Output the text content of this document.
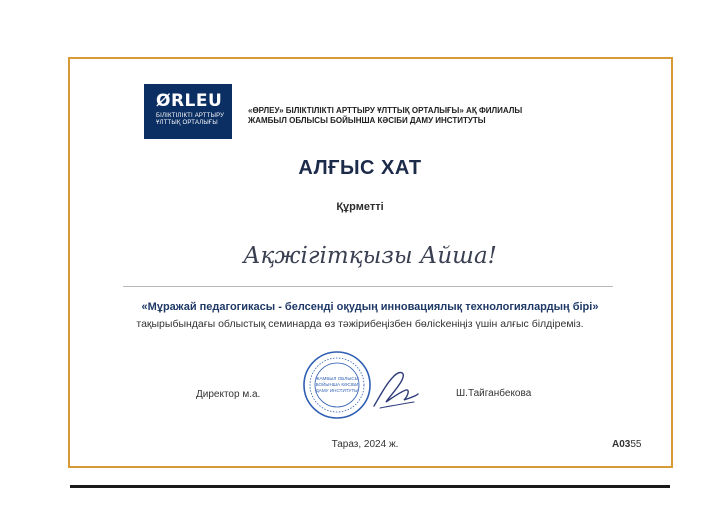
ØRLEU
БІЛІКТІЛІКТІ АРТТЫРУ
ҰЛТТЫҚ ОРТАЛЫҒЫ
«ӨРЛЕУ» БІЛІКТІЛІКТІ АРТТЫРУ ҰЛТТЫҚ ОРТАЛЫҒЫ» АҚ ФИЛИАЛЫ
ЖАМБЫЛ ОБЛЫСЫ БОЙЫНША КӘСІБИ ДАМУ ИНСТИТУТЫ
АЛҒЫС ХАТ
Құрметті
Ақжігітқызы Айша!
«Мұражай педагогикасы - белсенді оқудың инновациялық технологиялардың бірі»
тақырыбындағы облыстық семинарда өз тәжірибеңізбен бөлісkеніңіз үшін алғыс білдіреміз.
Директор м.а.
ЖАМБЫЛ ОБЛЫСЫ
БОЙЫНША КӘСІБИ
ДАМУ ИНСТИТУТЫ	Ш.Тайганбекова
Тараз, 2024 ж.	А0355
